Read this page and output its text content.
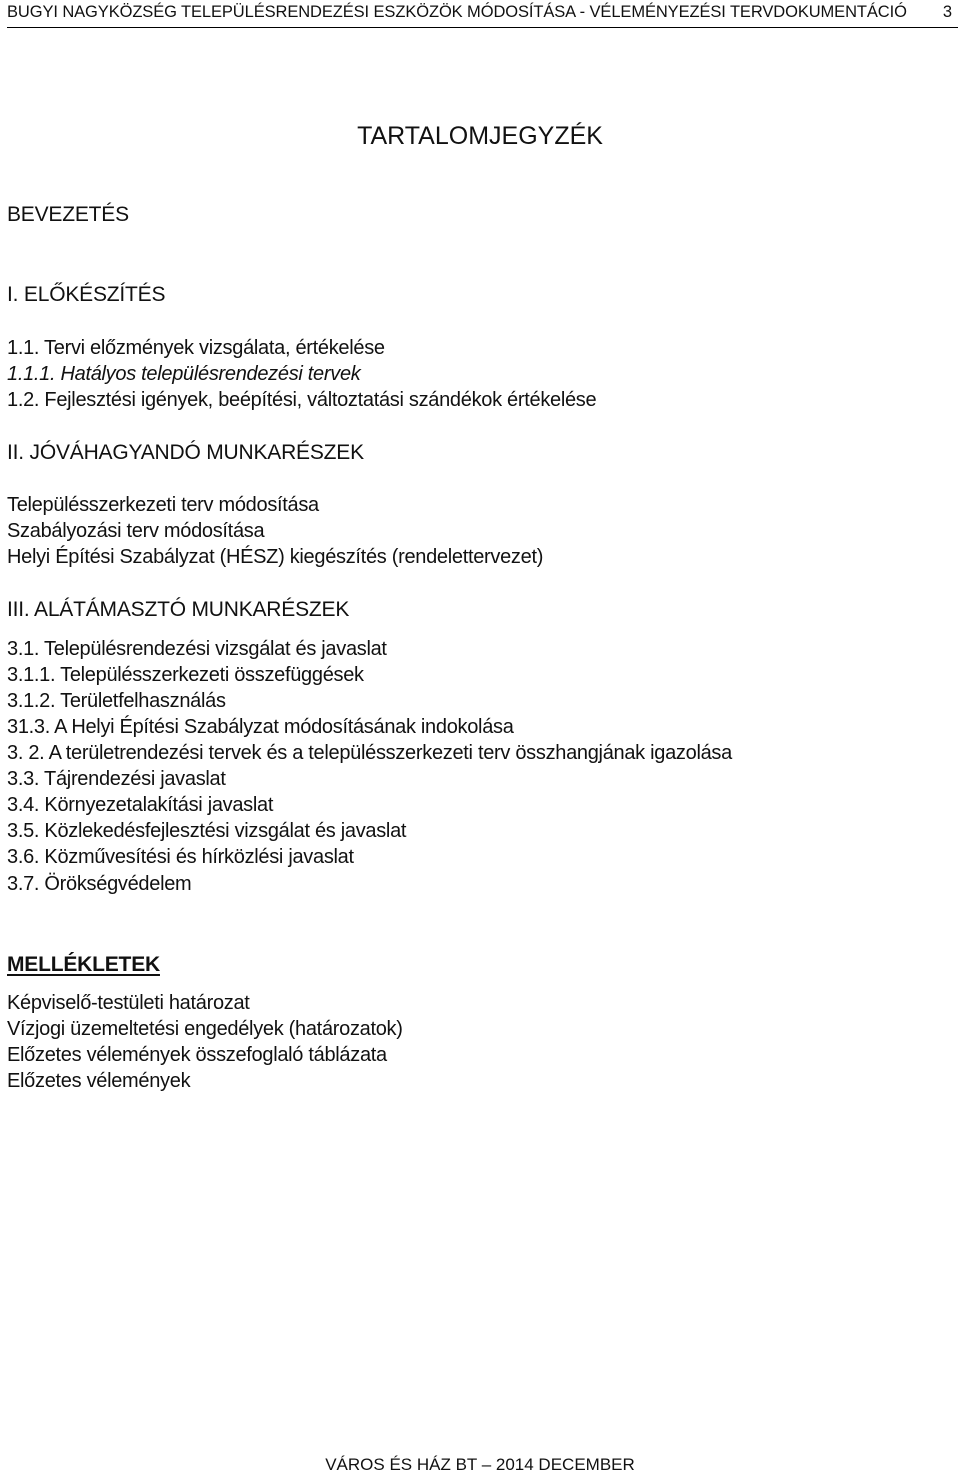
BUGYI NAGYKÖZSÉG TELEPÜLÉSRENDEZÉSI ESZKÖZÖK MÓDOSÍTÁSA - VÉLEMÉNYEZÉSI TERVDOKUMENTÁCIÓ 3
TARTALOMJEGYZÉK
BEVEZETÉS
I. ELŐKÉSZÍTÉS
1.1. Tervi előzmények vizsgálata, értékelése
1.1.1. Hatályos településrendezési tervek
1.2. Fejlesztési igények, beépítési, változtatási szándékok értékelése
II. JÓVÁHAGYANDÓ MUNKARÉSZEK
Településszerkezeti terv módosítása
Szabályozási terv módosítása
Helyi Építési Szabályzat (HÉSZ) kiegészítés (rendelettervezet)
III. ALÁTÁMASZTÓ MUNKARÉSZEK
3.1. Településrendezési vizsgálat és javaslat
3.1.1. Településszerkezeti összefüggések
3.1.2. Területfelhasználás
31.3. A Helyi Építési Szabályzat módosításának indokolása
3. 2. A területrendezési tervek és a településszerkezeti terv összhangjának igazolása
3.3. Tájrendezési javaslat
3.4. Környezetalakítási javaslat
3.5. Közlekedésfejlesztési vizsgálat és javaslat
3.6. Közművesítési és hírközlési javaslat
3.7. Örökségvédelem
MELLÉKLETEK
Képviselő-testületi határozat
Vízjogi üzemeltetési engedélyek (határozatok)
Előzetes vélemények összefoglaló táblázata
Előzetes vélemények
VÁROS ÉS HÁZ BT – 2014 DECEMBER
